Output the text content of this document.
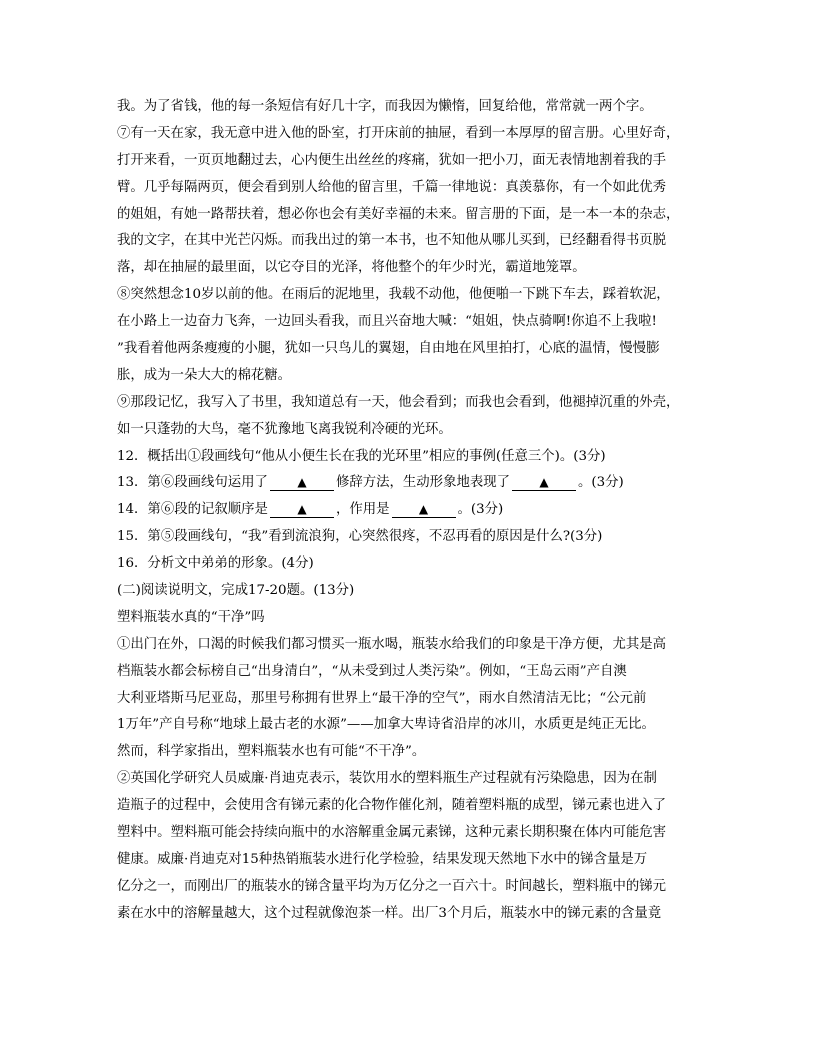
我。为了省钱，他的每一条短信有好几十字，而我因为懒惰，回复给他，常常就一两个字。
⑦有一天在家，我无意中进入他的卧室，打开床前的抽屉，看到一本厚厚的留言册。心里好奇，
打开来看，一页页地翻过去，心内便生出丝丝的疼痛，犹如一把小刀，面无表情地割着我的手
臂。几乎每隔两页，便会看到别人给他的留言里，千篇一律地说：真羡慕你，有一个如此优秀
的姐姐，有她一路帮扶着，想必你也会有美好幸福的未来。留言册的下面，是一本一本的杂志，
我的文字，在其中光芒闪烁。而我出过的第一本书，也不知他从哪儿买到，已经翻看得书页脱
落，却在抽屉的最里面，以它夺目的光泽，将他整个的年少时光，霸道地笼罩。
⑧突然想念10岁以前的他。在雨后的泥地里，我载不动他，他便啪一下跳下车去，踩着软泥，
在小路上一边奋力飞奔，一边回头看我，而且兴奋地大喊：“姐姐，快点骑啊!你追不上我啦!
”我看着他两条瘦瘦的小腿，犹如一只鸟儿的翼翅，自由地在风里拍打，心底的温情，慢慢膨
胀，成为一朵大大的棉花糖。
⑨那段记忆，我写入了书里，我知道总有一天，他会看到；而我也会看到，他褪掉沉重的外壳，
如一只蓬勃的大鸟，毫不犹豫地飞离我锐利冷硬的光环。
12．概括出①段画线句“他从小便生长在我的光环里”相应的事例(任意三个)。(3分)
13．第⑥段画线句运用了 ▲ 修辞方法，生动形象地表现了 ▲ 。(3分)
14．第⑥段的记叙顺序是 ▲ ，作用是 ▲ 。(3分)
15．第⑤段画线句，“我”看到流浪狗，心突然很疼，不忍再看的原因是什么?(3分)
16．分析文中弟弟的形象。(4分)
(二)阅读说明文，完成17-20题。(13分)
塑料瓶装水真的“干净”吗
①出门在外，口渴的时候我们都习惯买一瓶水喝，瓶装水给我们的印象是干净方便，尤其是高
档瓶装水都会标榜自己“出身清白”，“从未受到过人类污染”。例如，“王岛云雨”产自澳
大利亚塔斯马尼亚岛，那里号称拥有世界上“最干净的空气”，雨水自然清洁无比；“公元前
1万年”产自号称“地球上最古老的水源”——加拿大卑诗省沿岸的冰川，水质更是纯正无比。
然而，科学家指出，塑料瓶装水也有可能“不干净”。
②英国化学研究人员威廉·肖迪克表示，装饮用水的塑料瓶生产过程就有污染隐患，因为在制
造瓶子的过程中，会使用含有锑元素的化合物作催化剂，随着塑料瓶的成型，锑元素也进入了
塑料中。塑料瓶可能会持续向瓶中的水溶解重金属元素锑，这种元素长期积聚在体内可能危害
健康。威廉·肖迪克对15种热销瓶装水进行化学检验，结果发现天然地下水中的锑含量是万
亿分之一，而刚出厂的瓶装水的锑含量平均为万亿分之一百六十。时间越长，塑料瓶中的锑元
素在水中的溶解量越大，这个过程就像泡茶一样。出厂3个月后，瓶装水中的锑元素的含量竟
